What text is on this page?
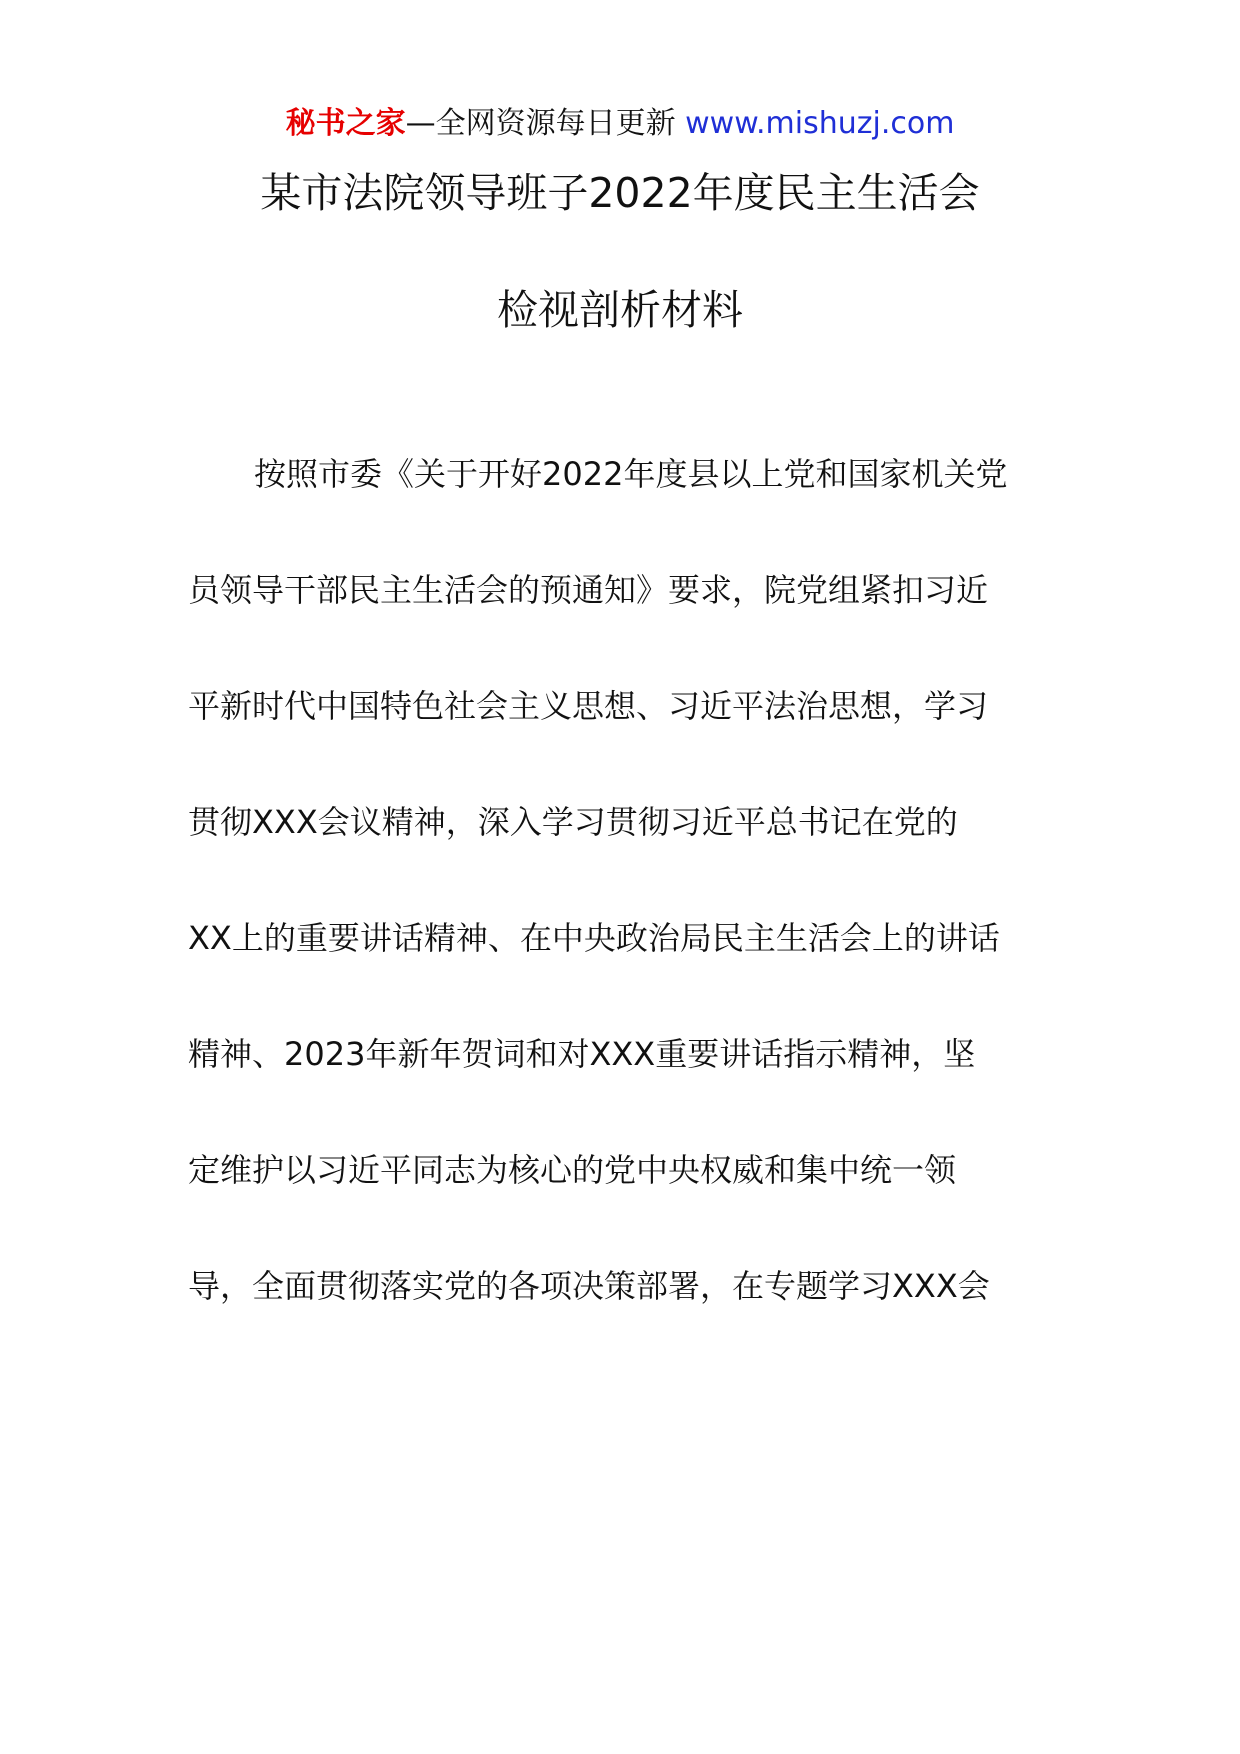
秘书之家—全网资源每日更新 www.mishuzj.com
某市法院领导班子2022年度民主生活会
检视剖析材料
按照市委《关于开好2022年度县以上党和国家机关党
员领导干部民主生活会的预通知》要求，院党组紧扣习近
平新时代中国特色社会主义思想、习近平法治思想，学习
贯彻XXX会议精神，深入学习贯彻习近平总书记在党的
XX上的重要讲话精神、在中央政治局民主生活会上的讲话
精神、2023年新年贺词和对XXX重要讲话指示精神，坚
定维护以习近平同志为核心的党中央权威和集中统一领
导，全面贯彻落实党的各项决策部署，在专题学习XXX会
